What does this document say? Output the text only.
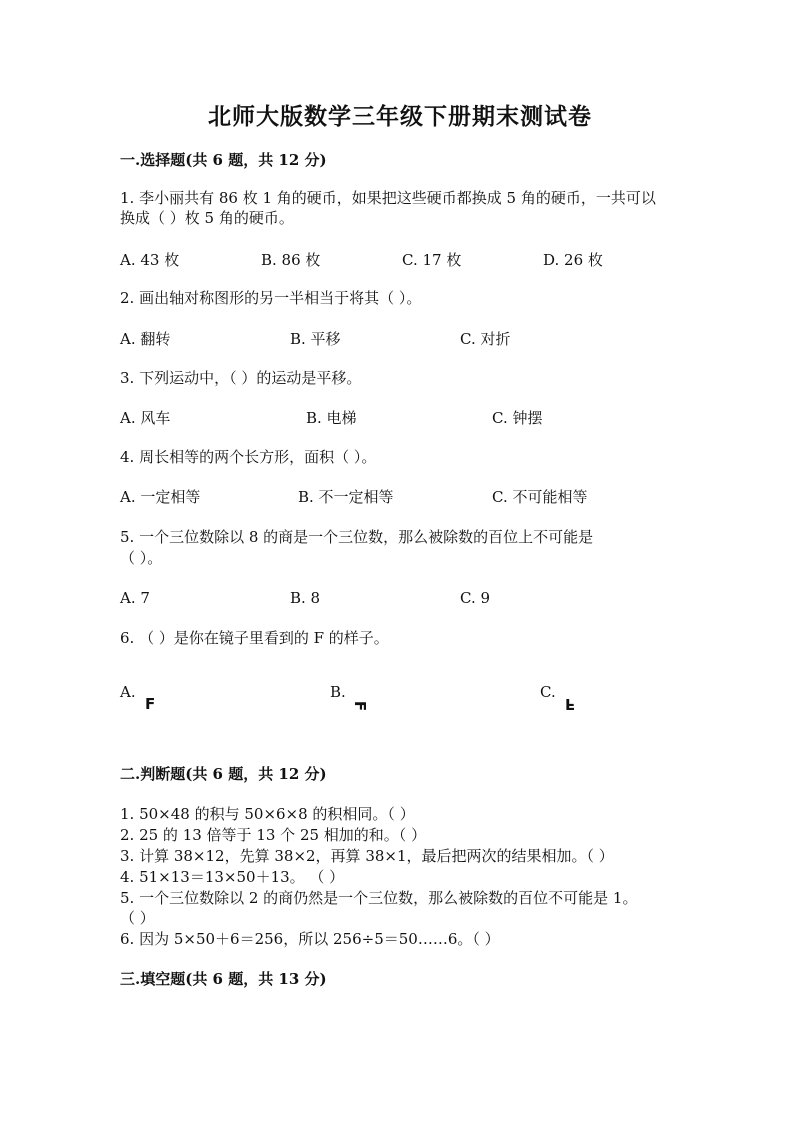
北师大版数学三年级下册期末测试卷
一.选择题(共 6 题，共 12 分)
1. 李小丽共有 86 枚 1 角的硬币，如果把这些硬币都换成 5 角的硬币，一共可以
换成（ ）枚 5 角的硬币。
A. 43 枚	B. 86 枚	C. 17 枚	D. 26 枚
2. 画出轴对称图形的另一半相当于将其（ ）。
A. 翻转	B. 平移	C. 对折
3. 下列运动中，（ ）的运动是平移。
A. 风车	B. 电梯	C. 钟摆
4. 周长相等的两个长方形，面积（ ）。
A. 一定相等	B. 不一定相等	C. 不可能相等
5. 一个三位数除以 8 的商是一个三位数，那么被除数的百位上不可能是
（ ）。
A. 7	B. 8	C. 9
6. （ ）是你在镜子里看到的 F 的样子。
A.
F
B.
F
C.
F
二.判断题(共 6 题，共 12 分)
1. 50×48 的积与 50×6×8 的积相同。（ ）
2. 25 的 13 倍等于 13 个 25 相加的和。（ ）
3. 计算 38×12，先算 38×2，再算 38×1，最后把两次的结果相加。（ ）
4. 51×13＝13×50＋13。 （ ）
5. 一个三位数除以 2 的商仍然是一个三位数，那么被除数的百位不可能是 1。
（ ）
6. 因为 5×50＋6＝256，所以 256÷5＝50……6。（ ）
三.填空题(共 6 题，共 13 分)
